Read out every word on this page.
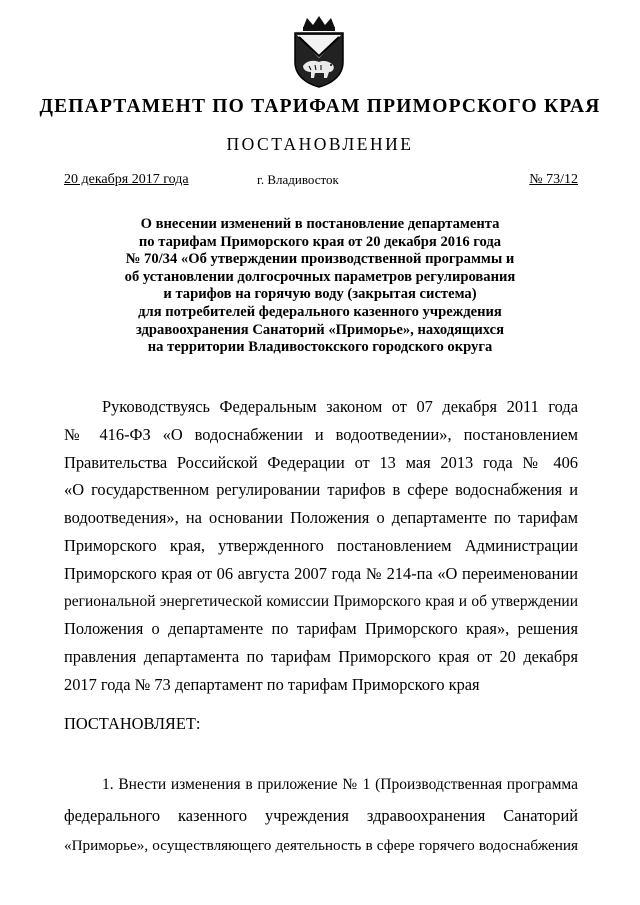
ДЕПАРТАМЕНТ ПО ТАРИФАМ ПРИМОРСКОГО КРАЯ
ПОСТАНОВЛЕНИЕ
20 декабря 2017 года	г. Владивосток	№ 73/12
О внесении изменений в постановление департамента
по тарифам Приморского края от 20 декабря 2016 года
№ 70/34 «Об утверждении производственной программы и
об установлении долгосрочных параметров регулирования
и тарифов на горячую воду (закрытая система)
для потребителей федерального казенного учреждения
здравоохранения Санаторий «Приморье», находящихся
на территории Владивостокского городского округа
Руководствуясь Федеральным законом от 07 декабря 2011 года
№ 416-ФЗ «О водоснабжении и водоотведении», постановлением
Правительства Российской Федерации от 13 мая 2013 года № 406
«О государственном регулировании тарифов в сфере водоснабжения и
водоотведения», на основании Положения о департаменте по тарифам
Приморского края, утвержденного постановлением Администрации
Приморского края от 06 августа 2007 года № 214-па «О переименовании
региональной энергетической комиссии Приморского края и об утверждении
Положения о департаменте по тарифам Приморского края», решения
правления департамента по тарифам Приморского края от 20 декабря
2017 года № 73 департамент по тарифам Приморского края
ПОСТАНОВЛЯЕТ:
1. Внести изменения в приложение № 1 (Производственная программа
федерального казенного учреждения здравоохранения Санаторий
«Приморье», осуществляющего деятельность в сфере горячего водоснабжения
